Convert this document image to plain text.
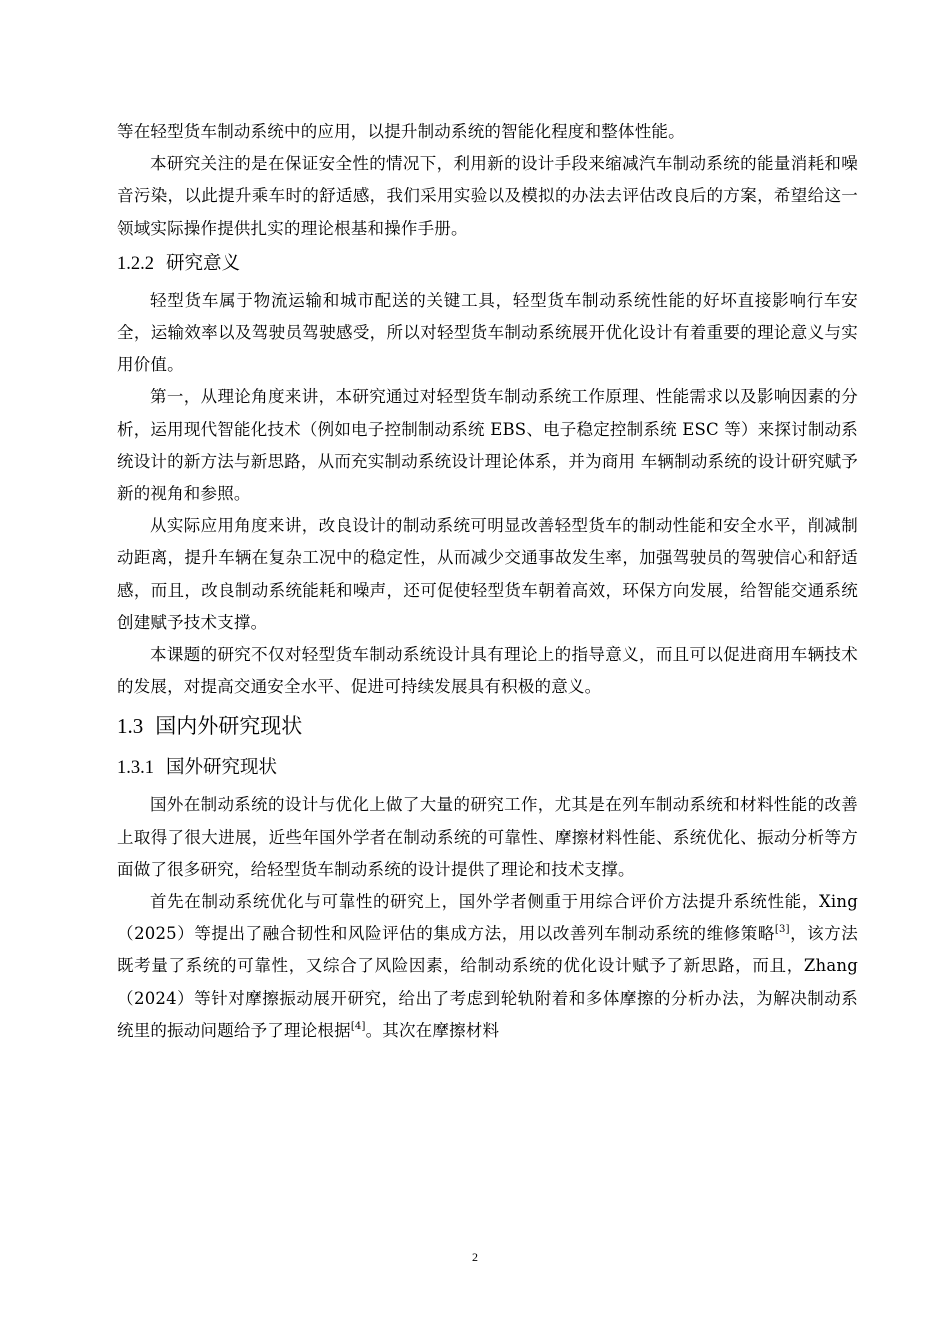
等在轻型货车制动系统中的应用，以提升制动系统的智能化程度和整体性能。

本研究关注的是在保证安全性的情况下，利用新的设计手段来缩减汽车制动系统的能量消耗和噪音污染，以此提升乘车时的舒适感，我们采用实验以及模拟的办法去评估改良后的方案，希望给这一领域实际操作提供扎实的理论根基和操作手册。

1.2.2 研究意义

轻型货车属于物流运输和城市配送的关键工具，轻型货车制动系统性能的好坏直接影响行车安全，运输效率以及驾驶员驾驶感受，所以对轻型货车制动系统展开优化设计有着重要的理论意义与实用价值。

第一，从理论角度来讲，本研究通过对轻型货车制动系统工作原理、性能需求以及影响因素的分析，运用现代智能化技术（例如电子控制制动系统 EBS、电子稳定控制系统 ESC 等）来探讨制动系统设计的新方法与新思路，从而充实制动系统设计理论体系，并为商用 车辆制动系统的设计研究赋予新的视角和参照。

从实际应用角度来讲，改良设计的制动系统可明显改善轻型货车的制动性能和安全水平，削减制动距离，提升车辆在复杂工况中的稳定性，从而减少交通事故发生率，加强驾驶员的驾驶信心和舒适感，而且，改良制动系统能耗和噪声，还可促使轻型货车朝着高效，环保方向发展，给智能交通系统创建赋予技术支撑。

本课题的研究不仅对轻型货车制动系统设计具有理论上的指导意义，而且可以促进商用车辆技术的发展，对提高交通安全水平、促进可持续发展具有积极的意义。

1.3 国内外研究现状
1.3.1 国外研究现状

国外在制动系统的设计与优化上做了大量的研究工作，尤其是在列车制动系统和材料性能的改善上取得了很大进展，近些年国外学者在制动系统的可靠性、摩擦材料性能、系统优化、振动分析等方面做了很多研究，给轻型货车制动系统的设计提供了理论和技术支撑。

首先在制动系统优化与可靠性的研究上，国外学者侧重于用综合评价方法提升系统性能，Xing（2025）等提出了融合韧性和风险评估的集成方法，用以改善列车制动系统的维修策略[3]，该方法既考量了系统的可靠性，又综合了风险因素，给制动系统的优化设计赋予了新思路，而且，Zhang（2024）等针对摩擦振动展开研究，给出了考虑到轮轨附着和多体摩擦的分析办法，为解决制动系统里的振动问题给予了理论根据[4]。其次在摩擦材料

2
